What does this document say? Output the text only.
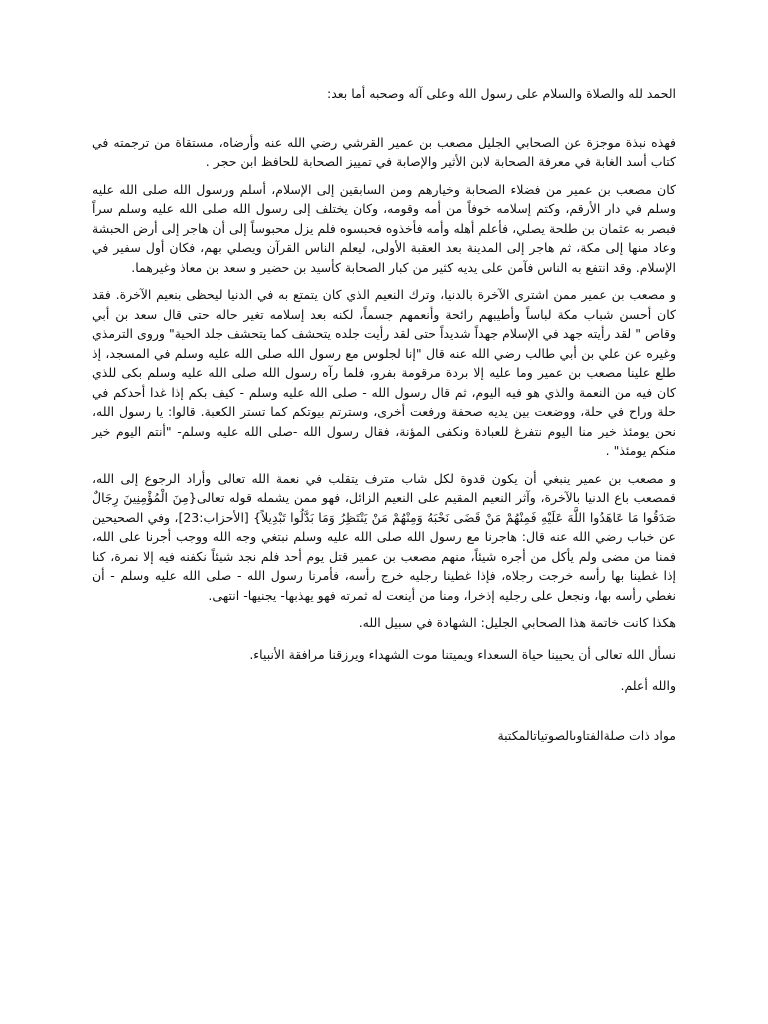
الحمد لله والصلاة والسلام على رسول الله وعلى آله وصحبه أما بعد:

فهذه نبذة موجزة عن الصحابي الجليل مصعب بن عمير القرشي رضي الله عنه وأرضاه، مستقاة من ترجمته في كتاب أسد الغابة في معرفة الصحابة لابن الأثير والإصابة في تمييز الصحابة للحافظ ابن حجر .

كان مصعب بن عمير من فضلاء الصحابة وخيارهم ومن السابقين إلى الإسلام، أسلم ورسول الله صلى الله عليه وسلم في دار الأرقم، وكتم إسلامه خوفاً من أمه وقومه، وكان يختلف إلى رسول الله صلى الله عليه وسلم سراً فبصر به عثمان بن طلحة يصلي، فأعلم أهله وأمه فأخذوه فحبسوه فلم يزل محبوساً إلى أن هاجر إلى أرض الحبشة وعاد منها إلى مكة، ثم هاجر إلى المدينة بعد العقبة الأولى، ليعلم الناس القرآن ويصلي بهم، فكان أول سفير في الإسلام. وقد انتفع به الناس فآمن على يديه كثير من كبار الصحابة كأسيد بن حضير و سعد بن معاذ وغيرهما.

و مصعب بن عمير ممن اشترى الآخرة بالدنيا، وترك النعيم الذي كان يتمتع به في الدنيا ليحظى بنعيم الآخرة. فقد كان أحسن شباب مكة لباساً وأطيبهم رائحة وأنعمهم جسماً، لكنه بعد إسلامه تغير حاله حتى قال سعد بن أبي وقاص " لقد رأيته جهد في الإسلام جهداً شديداً حتى لقد رأيت جلده يتحشف كما يتحشف جلد الحية" وروى الترمذي وغيره عن علي بن أبي طالب رضي الله عنه قال "إنا لجلوس مع رسول الله صلى الله عليه وسلم في المسجد، إذ طلع علينا مصعب بن عمير وما عليه إلا بردة مرقومة بفرو، فلما رآه رسول الله صلى الله عليه وسلم بكى للذي كان فيه من النعمة والذي هو فيه اليوم، ثم قال رسول الله - صلى الله عليه وسلم - كيف بكم إذا غدا أحدكم في حلة وراح في حلة، ووضعت بين يديه صحفة ورفعت أخرى، وسترتم بيوتكم كما تستر الكعبة. قالوا: يا رسول الله، نحن يومئذ خير منا اليوم نتفرغ للعبادة ونكفى المؤنة، فقال رسول الله -صلى الله عليه وسلم- "أنتم اليوم خير منكم يومئذ" .

و مصعب بن عمير ينبغي أن يكون قدوة لكل شاب مترف يتقلب في نعمة الله تعالى وأراد الرجوع إلى الله، فمصعب باع الدنيا بالآخرة، وآثر النعيم المقيم على النعيم الزائل، فهو ممن يشمله قوله تعالى{مِنَ الْمُؤْمِنِينَ رِجَالٌ صَدَقُوا مَا عَاهَدُوا اللَّهَ عَلَيْهِ فَمِنْهُمْ مَنْ قَضَى نَحْبَهُ وَمِنْهُمْ مَنْ يَنْتَظِرُ وَمَا بَدَّلُوا تَبْدِيلاً} [الأحزاب:23]، وفي الصحيحين عن خباب رضي الله عنه قال: هاجرنا مع رسول الله صلى الله عليه وسلم نبتغي وجه الله ووجب أجرنا على الله، فمنا من مضى ولم يأكل من أجره شيئاً، منهم مصعب بن عمير قتل يوم أحد فلم نجد شيئاً نكفنه فيه إلا نمرة، كنا إذا غطينا بها رأسه خرجت رجلاه، فإذا غطينا رجليه خرج رأسه، فأمرنا رسول الله - صلى الله عليه وسلم - أن نغطي رأسه بها، ونجعل على رجليه إذخرا، ومنا من أينعت له ثمرته فهو يهذبها- يجنيها- انتهى.

هكذا كانت خاتمة هذا الصحابي الجليل: الشهادة في سبيل الله.

نسأل الله تعالى أن يحيينا حياة السعداء ويميتنا موت الشهداء ويرزقنا مرافقة الأنبياء.

والله أعلم.

مواد ذات صلةالفتاوىالصوتياتالمكتبة
